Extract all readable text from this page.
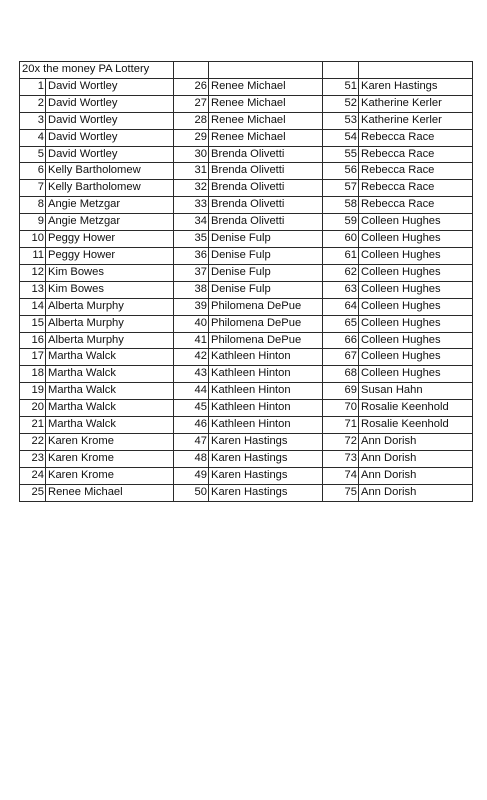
20x the money PA Lottery					
1	David Wortley	26	Renee Michael	51	Karen Hastings
2	David Wortley	27	Renee Michael	52	Katherine Kerler
3	David Wortley	28	Renee Michael	53	Katherine Kerler
4	David Wortley	29	Renee Michael	54	Rebecca Race
5	David Wortley	30	Brenda Olivetti	55	Rebecca Race
6	Kelly Bartholomew	31	Brenda Olivetti	56	Rebecca Race
7	Kelly Bartholomew	32	Brenda Olivetti	57	Rebecca Race
8	Angie Metzgar	33	Brenda Olivetti	58	Rebecca Race
9	Angie Metzgar	34	Brenda Olivetti	59	Colleen Hughes
10	Peggy Hower	35	Denise Fulp	60	Colleen Hughes
11	Peggy Hower	36	Denise Fulp	61	Colleen Hughes
12	Kim Bowes	37	Denise Fulp	62	Colleen Hughes
13	Kim Bowes	38	Denise Fulp	63	Colleen Hughes
14	Alberta Murphy	39	Philomena DePue	64	Colleen Hughes
15	Alberta Murphy	40	Philomena DePue	65	Colleen Hughes
16	Alberta Murphy	41	Philomena DePue	66	Colleen Hughes
17	Martha Walck	42	Kathleen Hinton	67	Colleen Hughes
18	Martha Walck	43	Kathleen Hinton	68	Colleen Hughes
19	Martha Walck	44	Kathleen Hinton	69	Susan Hahn
20	Martha Walck	45	Kathleen Hinton	70	Rosalie Keenhold
21	Martha Walck	46	Kathleen Hinton	71	Rosalie Keenhold
22	Karen Krome	47	Karen Hastings	72	Ann Dorish
23	Karen Krome	48	Karen Hastings	73	Ann Dorish
24	Karen Krome	49	Karen Hastings	74	Ann Dorish
25	Renee Michael	50	Karen Hastings	75	Ann Dorish
